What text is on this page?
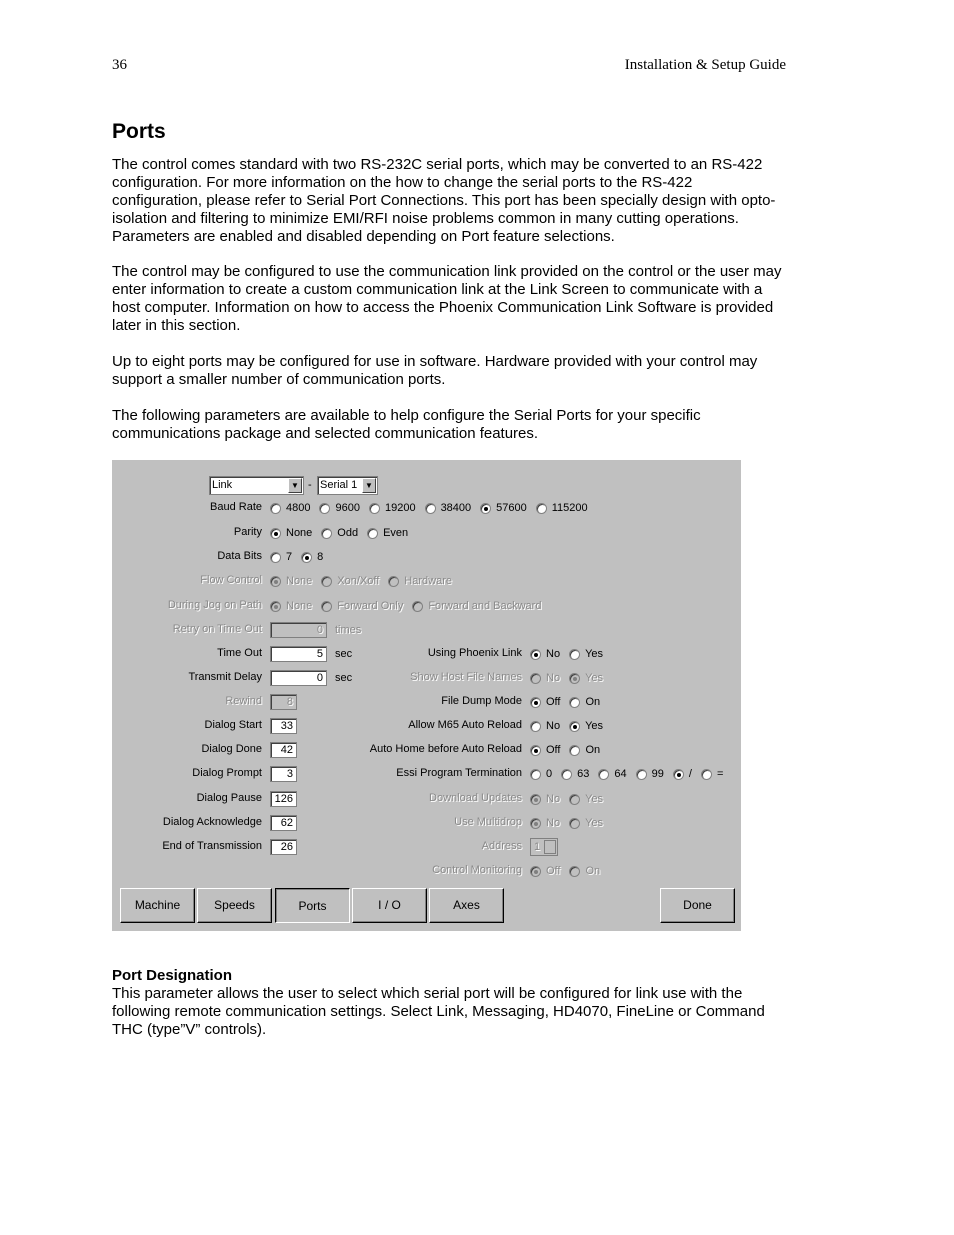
36	Installation & Setup Guide
Ports
The control comes standard with two RS-232C serial ports, which may be converted to an RS-422
configuration. For more information on the how to change the serial ports to the RS-422
configuration, please refer to Serial Port Connections. This port has been specially design with opto-
isolation and filtering to minimize EMI/RFI noise problems common in many cutting operations.
Parameters are enabled and disabled depending on Port feature selections.
The control may be configured to use the communication link provided on the control or the user may
enter information to create a custom communication link at the Link Screen to communicate with a
host computer. Information on how to access the Phoenix Communication Link Software is provided
later in this section.
Up to eight ports may be configured for use in software. Hardware provided with your control may
support a smaller number of communication ports.
The following parameters are available to help configure the Serial Ports for your specific
communications package and selected communication features.
Link	▼ - Serial 1 ▼
Baud Rate 4800 9600 19200 38400 57600 115200
Parity None Odd Even
Data Bits 7 8
Flow Control None Xon/Xoff Hardware
During Jog on Path None Forward Only Forward and Backward
Retry on Time Out	0	times
Time Out	5	sec
Transmit Delay	0	sec
Rewind	8
Dialog Start	33
Dialog Done	42
Dialog Prompt	3
Dialog Pause	126
Dialog Acknowledge	62
End of Transmission	26
Using Phoenix Link No Yes
Show Host File Names No Yes
File Dump Mode Off On
Allow M65 Auto Reload No Yes
Auto Home before Auto Reload Off On
Essi Program Termination 0 63 64 99 / =
Download Updates No Yes
Use Multidrop No Yes
Address 1
Control Monitoring Off On
Machine	Speeds	Ports	I / O	Axes	Done
Port Designation
This parameter allows the user to select which serial port will be configured for link use with the
following remote communication settings. Select Link, Messaging, HD4070, FineLine or Command
THC (type”V” controls).
